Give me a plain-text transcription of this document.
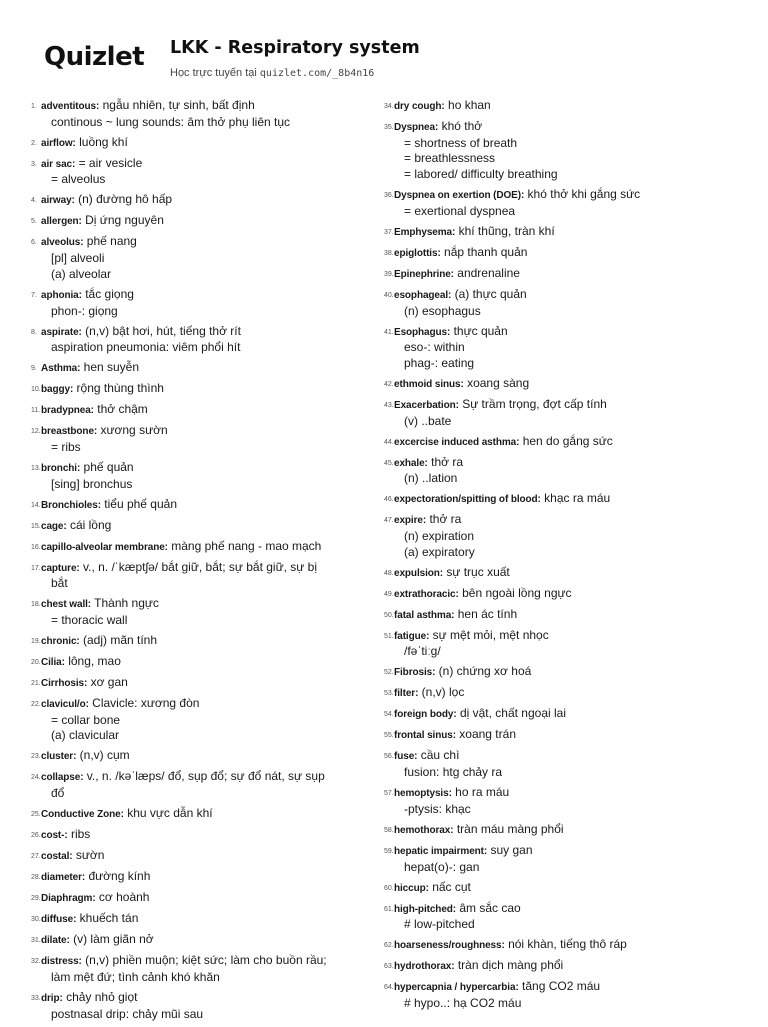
Quizlet LKK - Respiratory system
Học trực tuyến tại quizlet.com/_8b4n16
1. adventitous: ngẫu nhiên, tự sinh, bất định
continous ~ lung sounds: âm thở phụ liên tục
2. airflow: luồng khí
3. air sac: = air vesicle
= alveolus
4. airway: (n) đường hô hấp
5. allergen: Dị ứng nguyên
6. alveolus: phế nang
[pl] alveoli
(a) alveolar
7. aphonia: tắc giọng
phon-: giọng
8. aspirate: (n,v) bật hơi, hút, tiếng thở rít
aspiration pneumonia: viêm phổi hít
9. Asthma: hen suyễn
10. baggy: rộng thùng thình
11. bradypnea: thở chậm
12. breastbone: xương sườn
= ribs
13. bronchi: phế quản
[sing] bronchus
14. Bronchioles: tiểu phế quản
15. cage: cái lồng
16. capillo-alveolar membrane: màng phế nang - mao mạch
17. capture: v., n. /ˈkæptʃə/ bắt giữ, bắt; sự bắt giữ, sự bị
bắt
18. chest wall: Thành ngực
= thoracic wall
19. chronic: (adj) mãn tính
20. Cilia: lông, mao
21. Cirrhosis: xơ gan
22. clavicul/o: Clavicle: xương đòn
= collar bone
(a) clavicular
23. cluster: (n,v) cụm
24. collapse: v., n. /kəˈlæps/ đổ, sụp đổ; sự đổ nát, sự sụp
đổ
25. Conductive Zone: khu vực dẫn khí
26. cost-: ribs
27. costal: sườn
28. diameter: đường kính
29. Diaphragm: cơ hoành
30. diffuse: khuếch tán
31. dilate: (v) làm giãn nở
32. distress: (n,v) phiền muộn; kiệt sức; làm cho buồn rầu;
làm mệt đứ; tình cảnh khó khăn
33. drip: chảy nhỏ giọt
postnasal drip: chảy mũi sau
34. dry cough: ho khan
35. Dyspnea: khó thở
= shortness of breath
= breathlessness
= labored/ difficulty breathing
36. Dyspnea on exertion (DOE): khó thở khi gắng sức
= exertional dyspnea
37. Emphysema: khí thũng, tràn khí
38. epiglottis: nắp thanh quản
39. Epinephrine: andrenaline
40. esophageal: (a) thực quản
(n) esophagus
41. Esophagus: thực quản
eso-: within
phag-: eating
42. ethmoid sinus: xoang sàng
43. Exacerbation: Sự trầm trọng, đợt cấp tính
(v) ..bate
44. excercise induced asthma: hen do gắng sức
45. exhale: thở ra
(n) ..lation
46. expectoration/spitting of blood: khạc ra máu
47. expire: thở ra
(n) expiration
(a) expiratory
48. expulsion: sự trục xuất
49. extrathoracic: bên ngoài lồng ngực
50. fatal asthma: hen ác tính
51. fatigue: sự mệt mỏi, mệt nhọc
/fəˈtiːg/
52. Fibrosis: (n) chứng xơ hoá
53. filter: (n,v) lọc
54. foreign body: dị vật, chất ngoại lai
55. frontal sinus: xoang trán
56. fuse: cầu chì
fusion: htg chảy ra
57. hemoptysis: ho ra máu
-ptysis: khạc
58. hemothorax: tràn máu màng phổi
59. hepatic impairment: suy gan
hepat(o)-: gan
60. hiccup: nấc cụt
61. high-pitched: âm sắc cao
# low-pitched
62. hoarseness/roughness: nói khàn, tiếng thô ráp
63. hydrothorax: tràn dịch màng phổi
64. hypercapnia / hypercarbia: tăng CO2 máu
# hypo..: hạ CO2 máu
